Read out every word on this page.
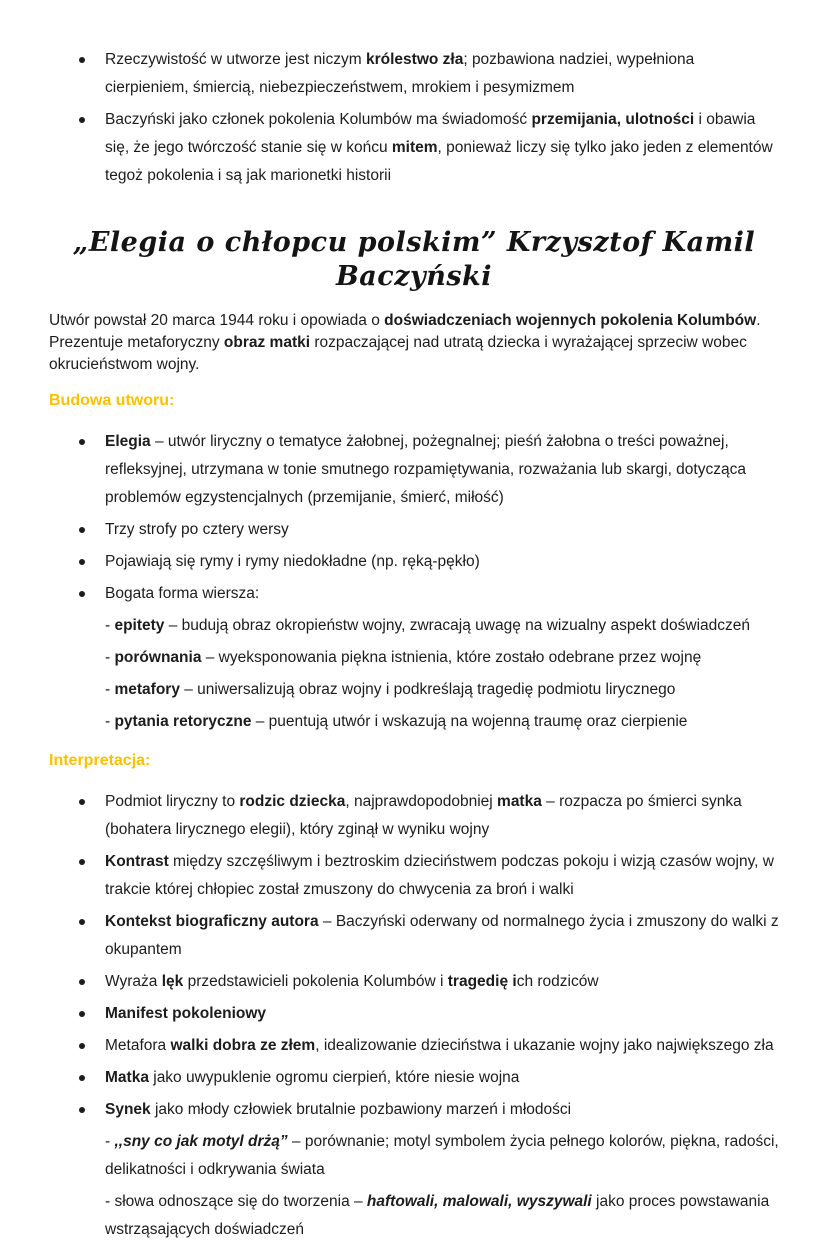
Rzeczywistość w utworze jest niczym królestwo zła; pozbawiona nadziei, wypełniona cierpieniem, śmiercią, niebezpieczeństwem, mrokiem i pesymizmem
Baczyński jako członek pokolenia Kolumbów ma świadomość przemijania, ulotności i obawia się, że jego twórczość stanie się w końcu mitem, ponieważ liczy się tylko jako jeden z elementów tegoż pokolenia i są jak marionetki historii
„Elegia o chłopcu polskim” Krzysztof Kamil Baczyński

Utwór powstał 20 marca 1944 roku i opowiada o doświadczeniach wojennych pokolenia Kolumbów. Prezentuje metaforyczny obraz matki rozpaczającej nad utratą dziecka i wyrażającej sprzeciw wobec okrucieństwom wojny.

Budowa utworu:
Elegia – utwór liryczny o tematyce żałobnej, pożegnalnej; pieśń żałobna o treści poważnej, refleksyjnej, utrzymana w tonie smutnego rozpamiętywania, rozważania lub skargi, dotycząca problemów egzystencjalnych (przemijanie, śmierć, miłość)
Trzy strofy po cztery wersy
Pojawiają się rymy i rymy niedokładne (np. ręką-pękło)
Bogata forma wiersza:
- epitety – budują obraz okropieństw wojny, zwracają uwagę na wizualny aspekt doświadczeń
- porównania – wyeksponowania piękna istnienia, które zostało odebrane przez wojnę
- metafory – uniwersalizują obraz wojny i podkreślają tragedię podmiotu lirycznego
- pytania retoryczne – puentują utwór i wskazują na wojenną traumę oraz cierpienie
Interpretacja:
Podmiot liryczny to rodzic dziecka, najprawdopodobniej matka – rozpacza po śmierci synka (bohatera lirycznego elegii), który zginął w wyniku wojny
Kontrast między szczęśliwym i beztroskim dzieciństwem podczas pokoju i wizją czasów wojny, w trakcie której chłopiec został zmuszony do chwycenia za broń i walki
Kontekst biograficzny autora – Baczyński oderwany od normalnego życia i zmuszony do walki z okupantem
Wyraża lęk przedstawicieli pokolenia Kolumbów i tragedię ich rodziców
Manifest pokoleniowy
Metafora walki dobra ze złem, idealizowanie dzieciństwa i ukazanie wojny jako największego zła
Matka jako uwypuklenie ogromu cierpień, które niesie wojna
Synek jako młody człowiek brutalnie pozbawiony marzeń i młodości
- ,,sny co jak motyl drżą” – porównanie; motyl symbolem życia pełnego kolorów, piękna, radości, delikatności i odkrywania świata
- słowa odnoszące się do tworzenia – haftowali, malowali, wyszywali jako proces powstawania wstrząsających doświadczeń
